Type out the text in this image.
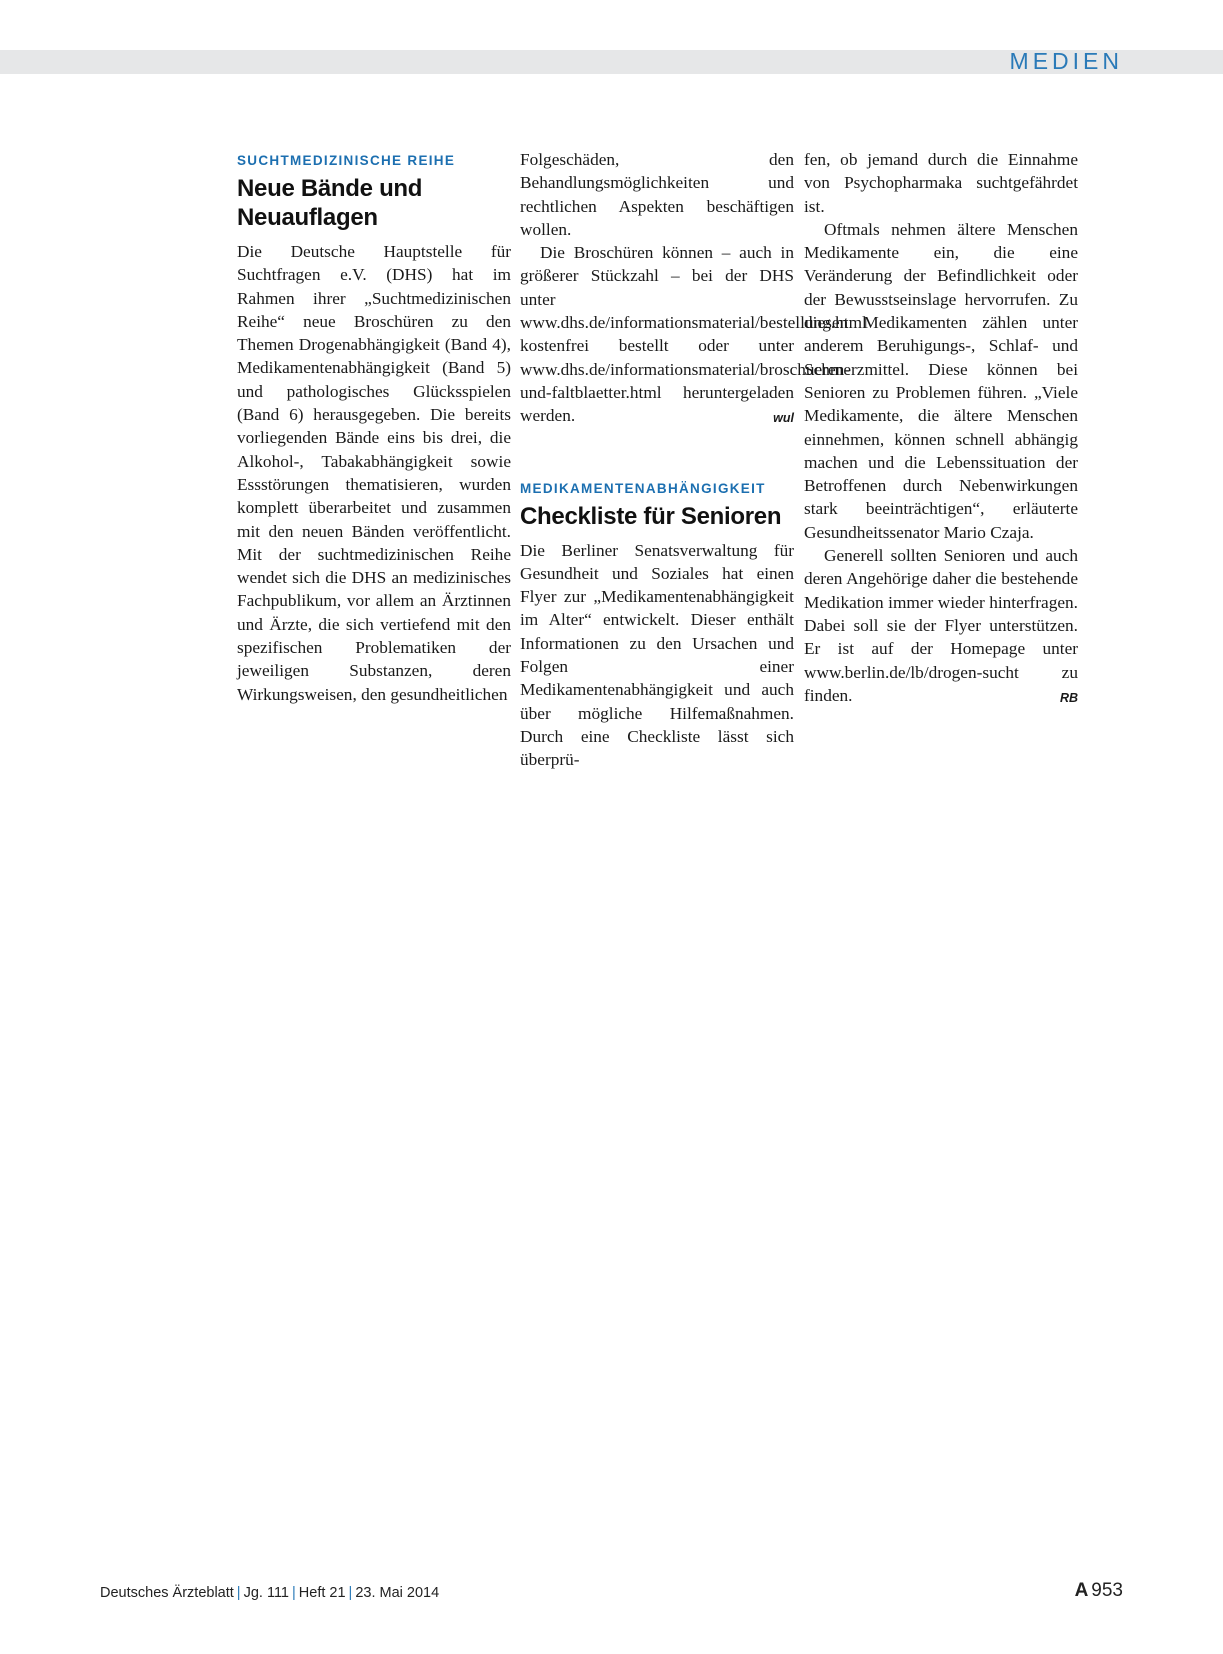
MEDIEN
SUCHTMEDIZINISCHE REIHE
Neue Bände und Neuauflagen

Die Deutsche Hauptstelle für Suchtfragen e.V. (DHS) hat im Rahmen ihrer „Suchtmedizinischen Reihe“ neue Broschüren zu den Themen Drogenabhängigkeit (Band 4), Medikamentenabhängigkeit (Band 5) und pathologisches Glücksspielen (Band 6) herausgegeben. Die bereits vorliegenden Bände eins bis drei, die Alkohol-, Tabakabhängigkeit sowie Essstörungen thematisieren, wurden komplett überarbeitet und zusammen mit den neuen Bänden veröffentlicht. Mit der suchtmedizinischen Reihe wendet sich die DHS an medizinisches Fachpublikum, vor allem an Ärztinnen und Ärzte, die sich vertiefend mit den spezifischen Problematiken der jeweiligen Substanzen, deren Wirkungsweisen, den gesundheitlichen

Folgeschäden, den Behandlungsmöglichkeiten und rechtlichen Aspekten beschäftigen wollen.

Die Broschüren können – auch in größerer Stückzahl – bei der DHS unter www.dhs.de/informationsmaterial/bestellung.html kostenfrei bestellt oder unter www.dhs.de/informationsmaterial/broschueren-und-faltblaetter.html heruntergeladen werden.	wul

MEDIKAMENTENABHÄNGIGKEIT
Checkliste für Senioren

Die Berliner Senatsverwaltung für Gesundheit und Soziales hat einen Flyer zur „Medikamentenabhängigkeit im Alter“ entwickelt. Dieser enthält Informationen zu den Ursachen und Folgen einer Medikamentenabhängigkeit und auch über mögliche Hilfemaßnahmen. Durch eine Checkliste lässt sich überprü-

fen, ob jemand durch die Einnahme von Psychopharmaka suchtgefährdet ist.

Oftmals nehmen ältere Menschen Medikamente ein, die eine Veränderung der Befindlichkeit oder der Bewusstseinslage hervorrufen. Zu diesen Medikamenten zählen unter anderem Beruhigungs-, Schlaf- und Schmerzmittel. Diese können bei Senioren zu Problemen führen. „Viele Medikamente, die ältere Menschen einnehmen, können schnell abhängig machen und die Lebenssituation der Betroffenen durch Nebenwirkungen stark beeinträchtigen“, erläuterte Gesundheitssenator Mario Czaja.

Generell sollten Senioren und auch deren Angehörige daher die bestehende Medikation immer wieder hinterfragen. Dabei soll sie der Flyer unterstützen. Er ist auf der Homepage unter www.berlin.de/lb/drogen-sucht zu finden.	RB

Deutsches Ärzteblatt | Jg. 111 | Heft 21 | 23. Mai 2014	A 953
